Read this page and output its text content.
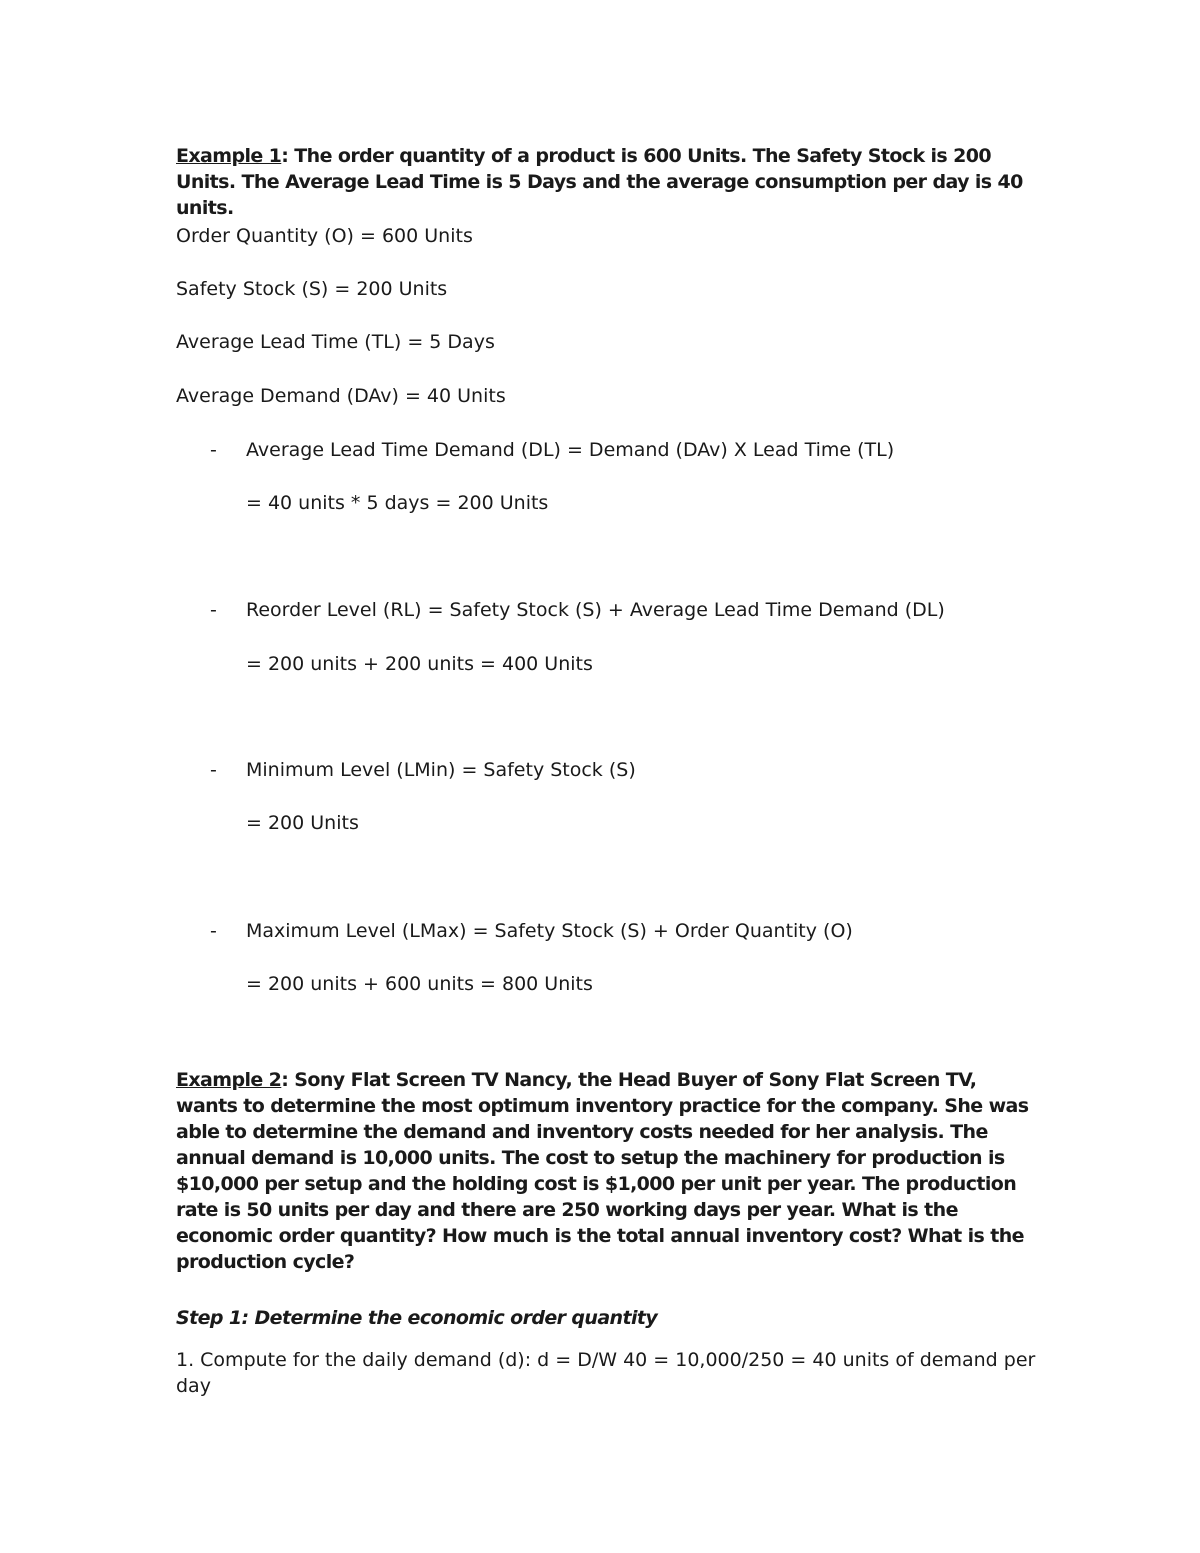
Example 1: The order quantity of a product is 600 Units. The Safety Stock is 200 Units. The Average Lead Time is 5 Days and the average consumption per day is 40 units.

Order Quantity (O) = 600 Units

Safety Stock (S) = 200 Units

Average Lead Time (TL) = 5 Days

Average Demand (DAv) = 40 Units

- Average Lead Time Demand (DL) = Demand (DAv) X Lead Time (TL)
= 40 units * 5 days = 200 Units
- Reorder Level (RL) = Safety Stock (S) + Average Lead Time Demand (DL)
= 200 units + 200 units = 400 Units
- Minimum Level (LMin) = Safety Stock (S)
= 200 Units
- Maximum Level (LMax) = Safety Stock (S) + Order Quantity (O)
= 200 units + 600 units = 800 Units

Example 2: Sony Flat Screen TV Nancy, the Head Buyer of Sony Flat Screen TV, wants to determine the most optimum inventory practice for the company. She was able to determine the demand and inventory costs needed for her analysis. The annual demand is 10,000 units. The cost to setup the machinery for production is $10,000 per setup and the holding cost is $1,000 per unit per year. The production rate is 50 units per day and there are 250 working days per year. What is the economic order quantity? How much is the total annual inventory cost? What is the production cycle?

Step 1: Determine the economic order quantity

1. Compute for the daily demand (d): d = D/W 40 = 10,000/250 = 40 units of demand per day
